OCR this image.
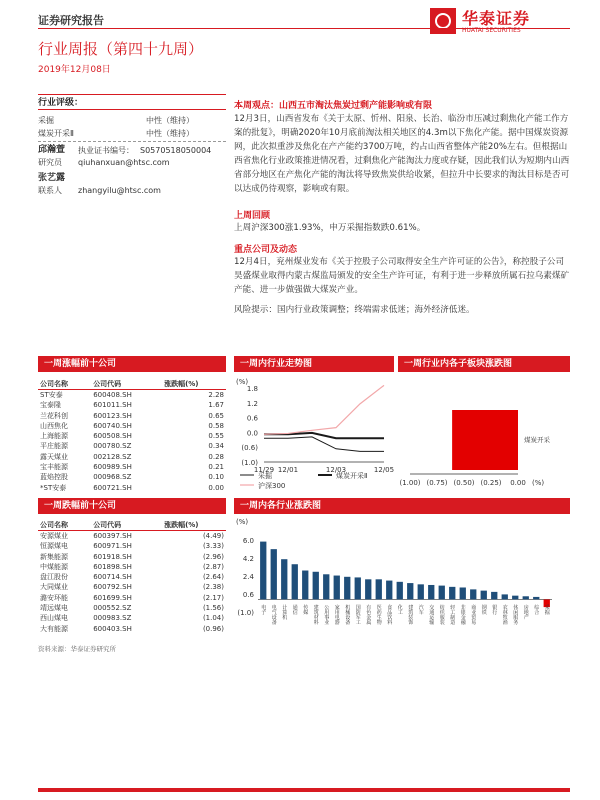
证券研究报告	华泰证券
HUATAI SECURITIES
行业周报（第四十九周）
2019年12月08日
行业评级：
采掘	中性（维持）
煤炭开采Ⅱ	中性（维持）
邱瀚萱 执业证书编号： S0570518050004
研究员 qiuhanxuan@htsc.com
张艺露
联系人 zhangyilu@htsc.com
本周观点：山西五市淘汰焦炭过剩产能影响或有限
12月3日，山西省发布《关于太原、忻州、阳泉、长治、临汾市压减过剩焦化产能工作方案的批复》，明确2020年10月底前淘汰相关地区的4.3m以下焦化产能。据中国煤炭资源网，此次拟重涉及焦化在产产能约3700万吨，约占山西省整体产能20%左右。但根据山西省焦化行业政策推进情况看，过剩焦化产能淘汰力度或存疑，因此我们认为短期内山西省部分地区在产焦化产能的淘汰将导致焦炭供给收紧，但拉升中长要求的淘汰目标是否可以达成仍待观察，影响或有限。
上周回顾
上周沪深300涨1.93%，申万采掘指数跌0.61%。
重点公司及动态
12月4日，兖州煤业发布《关于控股子公司取得安全生产许可证的公告》，称控股子公司昊盛煤业取得内蒙古煤监局颁发的安全生产许可证，有利于进一步释放所属石拉乌素煤矿产能、进一步做强做大煤炭产业。
风险提示：国内行业政策调整；终端需求低迷；海外经济低迷。
一周涨幅前十公司
公司名称	公司代码	涨跌幅(%)
ST安泰	600408.SH	2.28
宝泰隆	601011.SH	1.67
兰花科创	600123.SH	0.65
山西焦化	600740.SH	0.58
上海能源	600508.SH	0.55
平庄能源	000780.SZ	0.34
露天煤业	002128.SZ	0.28
宝丰能源	600989.SH	0.21
蓝焰控股	000968.SZ	0.10
*ST安泰	600721.SH	0.00
一周跌幅前十公司
公司名称	公司代码	涨跌幅(%)
安源煤业	600397.SH	(4.49)
恒源煤电	600971.SH	(3.33)
新集能源	601918.SH	(2.96)
中煤能源	601898.SH	(2.87)
盘江股份	600714.SH	(2.64)
大同煤业	600792.SH	(2.38)
潞安环能	601699.SH	(2.17)
靖远煤电	000552.SZ	(1.56)
西山煤电	000983.SZ	(1.04)
大有能源	600403.SH	(0.96)
资料来源：华泰证券研究所
一周内行业走势图
(%)
1.8
1.2
0.6
0.0
(0.6)
(1.0)
11/29 12/01	12/03	12/05
采掘	煤炭开采Ⅱ
沪深300
一周行业内各子板块涨跌图
(1.00) (0.75) (0.50) (0.25) 0.00 (%)
煤炭开采
一周内各行业涨跌图
(%)
6.0
4.2
2.4
0.6
(1.0) 电子 电气设备 计算机 通信 传媒 建筑材料 公用事业 家用电器 机械设备 国防军工 有色金属 医药生物 食品饮料 化工 建筑装饰 汽车 交通运输 纺织服装 轻工制造 非银金融 商业贸易 钢铁 银行 农林牧渔 休闲服务 房地产 综合 采掘
